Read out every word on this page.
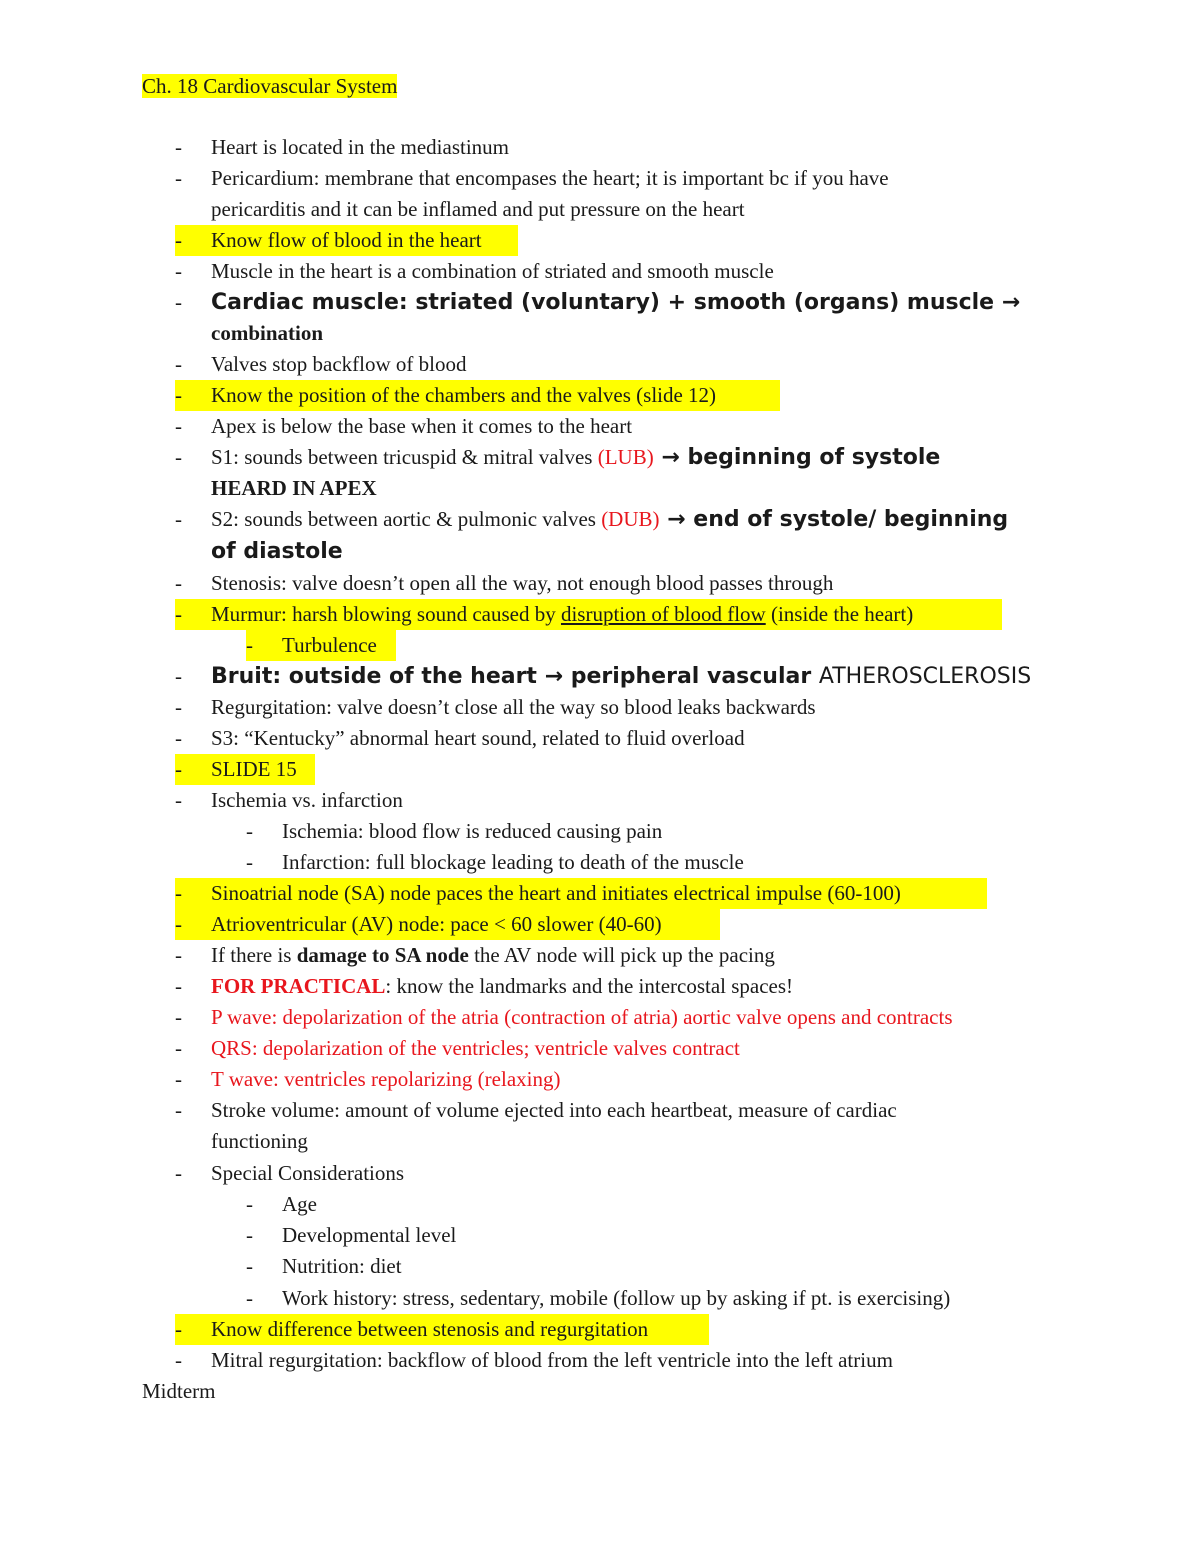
Ch. 18 Cardiovascular System
-	Heart is located in the mediastinum
-	Pericardium: membrane that encompases the heart; it is important bc if you have
pericarditis and it can be inflamed and put pressure on the heart
-	Know flow of blood in the heart
-	Muscle in the heart is a combination of striated and smooth muscle
-	Cardiac muscle: striated (voluntary) + smooth (organs) muscle →
combination
-	Valves stop backflow of blood
-	Know the position of the chambers and the valves (slide 12)
-	Apex is below the base when it comes to the heart
-	S1: sounds between tricuspid & mitral valves (LUB) → beginning of systole
HEARD IN APEX
-	S2: sounds between aortic & pulmonic valves (DUB) → end of systole/ beginning
of diastole
-	Stenosis: valve doesn’t open all the way, not enough blood passes through
-	Murmur: harsh blowing sound caused by disruption of blood flow (inside the heart)
-	Turbulence
-	Bruit: outside of the heart → peripheral vascular ATHEROSCLEROSIS
-	Regurgitation: valve doesn’t close all the way so blood leaks backwards
-	S3: “Kentucky” abnormal heart sound, related to fluid overload
-	SLIDE 15
-	Ischemia vs. infarction
-	Ischemia: blood flow is reduced causing pain
-	Infarction: full blockage leading to death of the muscle
-	Sinoatrial node (SA) node paces the heart and initiates electrical impulse (60-100)
-	Atrioventricular (AV) node: pace < 60 slower (40-60)
-	If there is damage to SA node the AV node will pick up the pacing
-	FOR PRACTICAL: know the landmarks and the intercostal spaces!
-	P wave: depolarization of the atria (contraction of atria) aortic valve opens and contracts
-	QRS: depolarization of the ventricles; ventricle valves contract
-	T wave: ventricles repolarizing (relaxing)
-	Stroke volume: amount of volume ejected into each heartbeat, measure of cardiac
functioning
-	Special Considerations
-	Age
-	Developmental level
-	Nutrition: diet
-	Work history: stress, sedentary, mobile (follow up by asking if pt. is exercising)
-	Know difference between stenosis and regurgitation
-	Mitral regurgitation: backflow of blood from the left ventricle into the left atrium
Midterm
